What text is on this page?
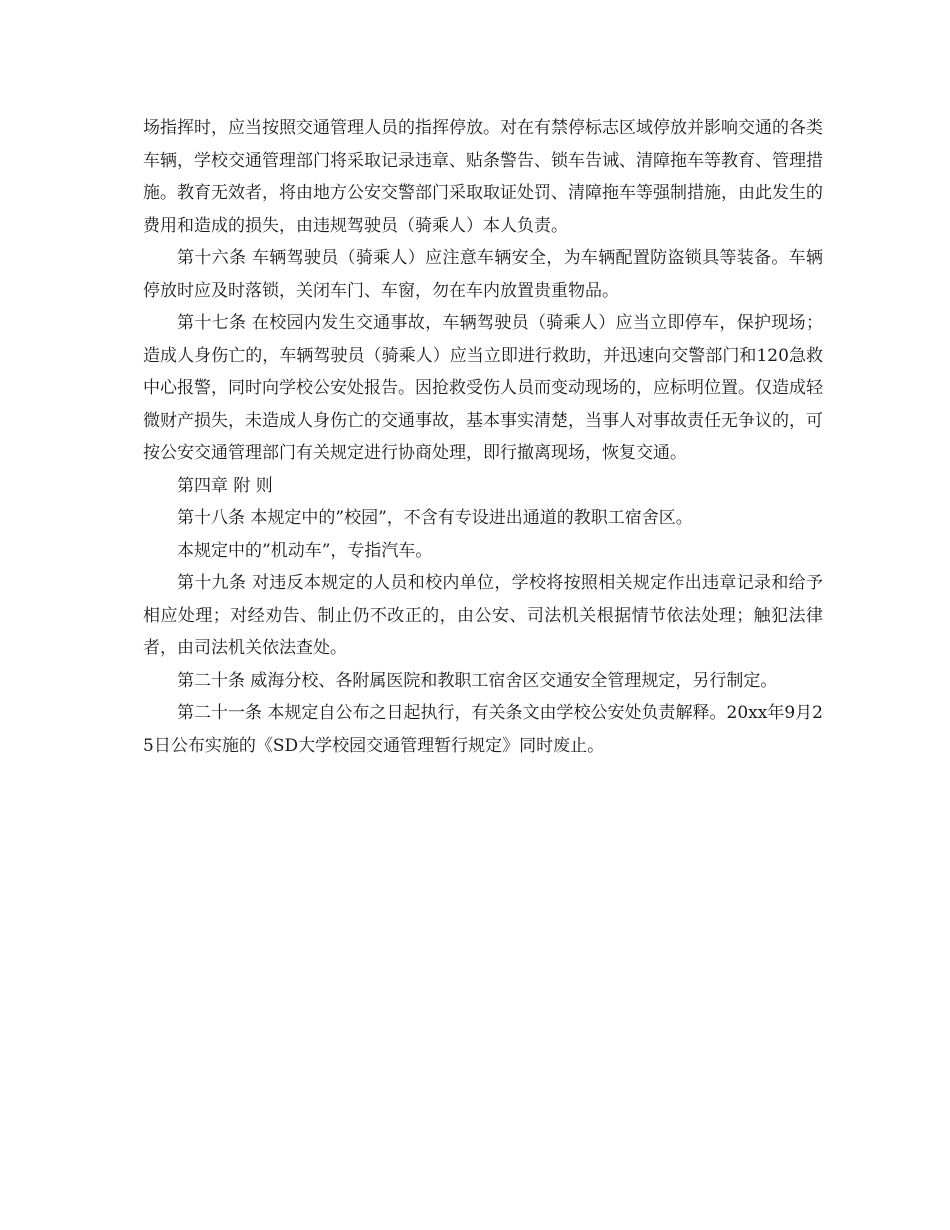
场指挥时，应当按照交通管理人员的指挥停放。对在有禁停标志区域停放并影响交通的各类车辆，学校交通管理部门将采取记录违章、贴条警告、锁车告诫、清障拖车等教育、管理措施。教育无效者，将由地方公安交警部门采取取证处罚、清障拖车等强制措施，由此发生的费用和造成的损失，由违规驾驶员（骑乘人）本人负责。

第十六条 车辆驾驶员（骑乘人）应注意车辆安全，为车辆配置防盗锁具等装备。车辆停放时应及时落锁，关闭车门、车窗，勿在车内放置贵重物品。

第十七条 在校园内发生交通事故，车辆驾驶员（骑乘人）应当立即停车，保护现场；造成人身伤亡的，车辆驾驶员（骑乘人）应当立即进行救助，并迅速向交警部门和120急救中心报警，同时向学校公安处报告。因抢救受伤人员而变动现场的，应标明位置。仅造成轻微财产损失，未造成人身伤亡的交通事故，基本事实清楚，当事人对事故责任无争议的，可按公安交通管理部门有关规定进行协商处理，即行撤离现场，恢复交通。

第四章 附 则

第十八条 本规定中的”校园”，不含有专设进出通道的教职工宿舍区。

本规定中的”机动车”，专指汽车。

第十九条 对违反本规定的人员和校内单位，学校将按照相关规定作出违章记录和给予相应处理；对经劝告、制止仍不改正的，由公安、司法机关根据情节依法处理；触犯法律者，由司法机关依法查处。

第二十条 威海分校、各附属医院和教职工宿舍区交通安全管理规定，另行制定。

第二十一条 本规定自公布之日起执行，有关条文由学校公安处负责解释。20xx年9月25日公布实施的《SD大学校园交通管理暂行规定》同时废止。
